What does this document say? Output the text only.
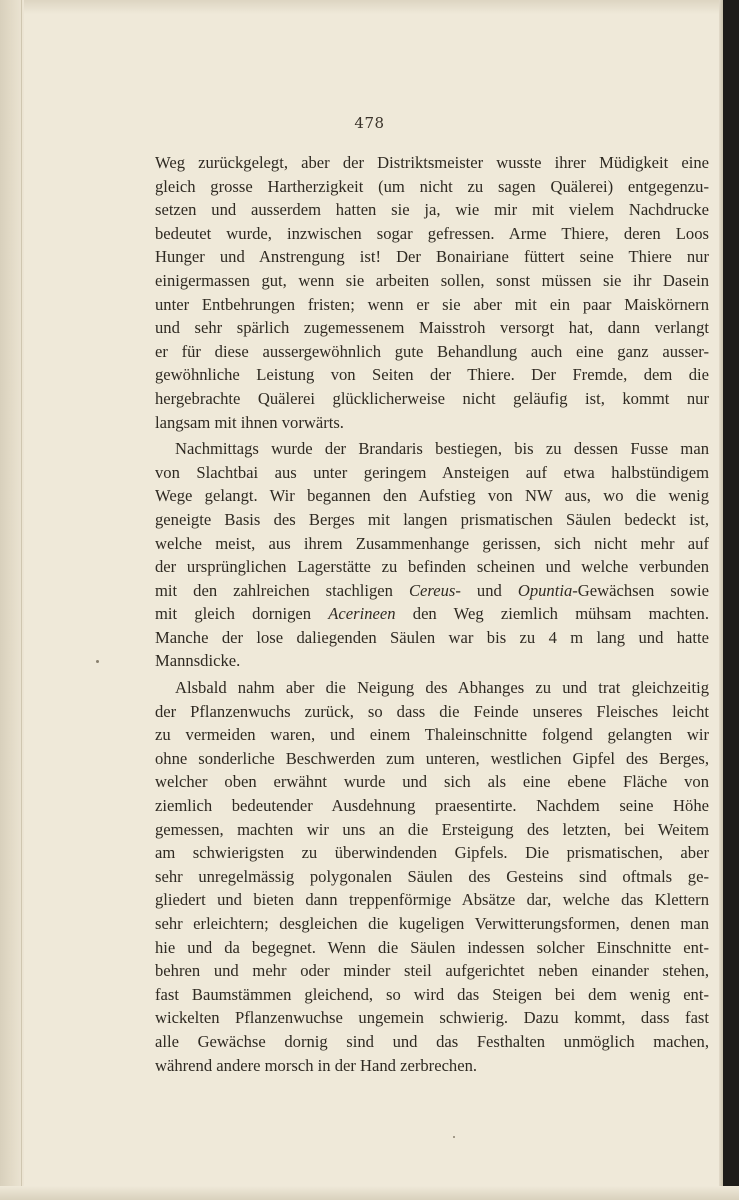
478
Weg zurückgelegt, aber der Distriktsmeister wusste ihrer Müdigkeit eine
gleich grosse Hartherzigkeit (um nicht zu sagen Quälerei) entgegenzu-
setzen und ausserdem hatten sie ja, wie mir mit vielem Nachdrucke
bedeutet wurde, inzwischen sogar gefressen. Arme Thiere, deren Loos
Hunger und Anstrengung ist! Der Bonairiane füttert seine Thiere nur
einigermassen gut, wenn sie arbeiten sollen, sonst müssen sie ihr Dasein
unter Entbehrungen fristen; wenn er sie aber mit ein paar Maiskörnern
und sehr spärlich zugemessenem Maisstroh versorgt hat, dann verlangt
er für diese aussergewöhnlich gute Behandlung auch eine ganz ausser-
gewöhnliche Leistung von Seiten der Thiere. Der Fremde, dem die
hergebrachte Quälerei glücklicherweise nicht geläufig ist, kommt nur
langsam mit ihnen vorwärts.
Nachmittags wurde der Brandaris bestiegen, bis zu dessen Fusse man
von Slachtbai aus unter geringem Ansteigen auf etwa halbstündigem
Wege gelangt. Wir begannen den Aufstieg von NW aus, wo die wenig
geneigte Basis des Berges mit langen prismatischen Säulen bedeckt ist,
welche meist, aus ihrem Zusammenhange gerissen, sich nicht mehr auf
der ursprünglichen Lagerstätte zu befinden scheinen und welche verbunden
mit den zahlreichen stachligen Cereus- und Opuntia-Gewächsen sowie
mit gleich dornigen Acerineen den Weg ziemlich mühsam machten.
Manche der lose daliegenden Säulen war bis zu 4 m lang und hatte
Mannsdicke.
Alsbald nahm aber die Neigung des Abhanges zu und trat gleichzeitig
der Pflanzenwuchs zurück, so dass die Feinde unseres Fleisches leicht
zu vermeiden waren, und einem Thaleinschnitte folgend gelangten wir
ohne sonderliche Beschwerden zum unteren, westlichen Gipfel des Berges,
welcher oben erwähnt wurde und sich als eine ebene Fläche von
ziemlich bedeutender Ausdehnung praesentirte. Nachdem seine Höhe
gemessen, machten wir uns an die Ersteigung des letzten, bei Weitem
am schwierigsten zu überwindenden Gipfels. Die prismatischen, aber
sehr unregelmässig polygonalen Säulen des Gesteins sind oftmals ge-
gliedert und bieten dann treppenförmige Absätze dar, welche das Klettern
sehr erleichtern; desgleichen die kugeligen Verwitterungsformen, denen man
hie und da begegnet. Wenn die Säulen indessen solcher Einschnitte ent-
behren und mehr oder minder steil aufgerichtet neben einander stehen,
fast Baumstämmen gleichend, so wird das Steigen bei dem wenig ent-
wickelten Pflanzenwuchse ungemein schwierig. Dazu kommt, dass fast
alle Gewächse dornig sind und das Festhalten unmöglich machen,
während andere morsch in der Hand zerbrechen.
